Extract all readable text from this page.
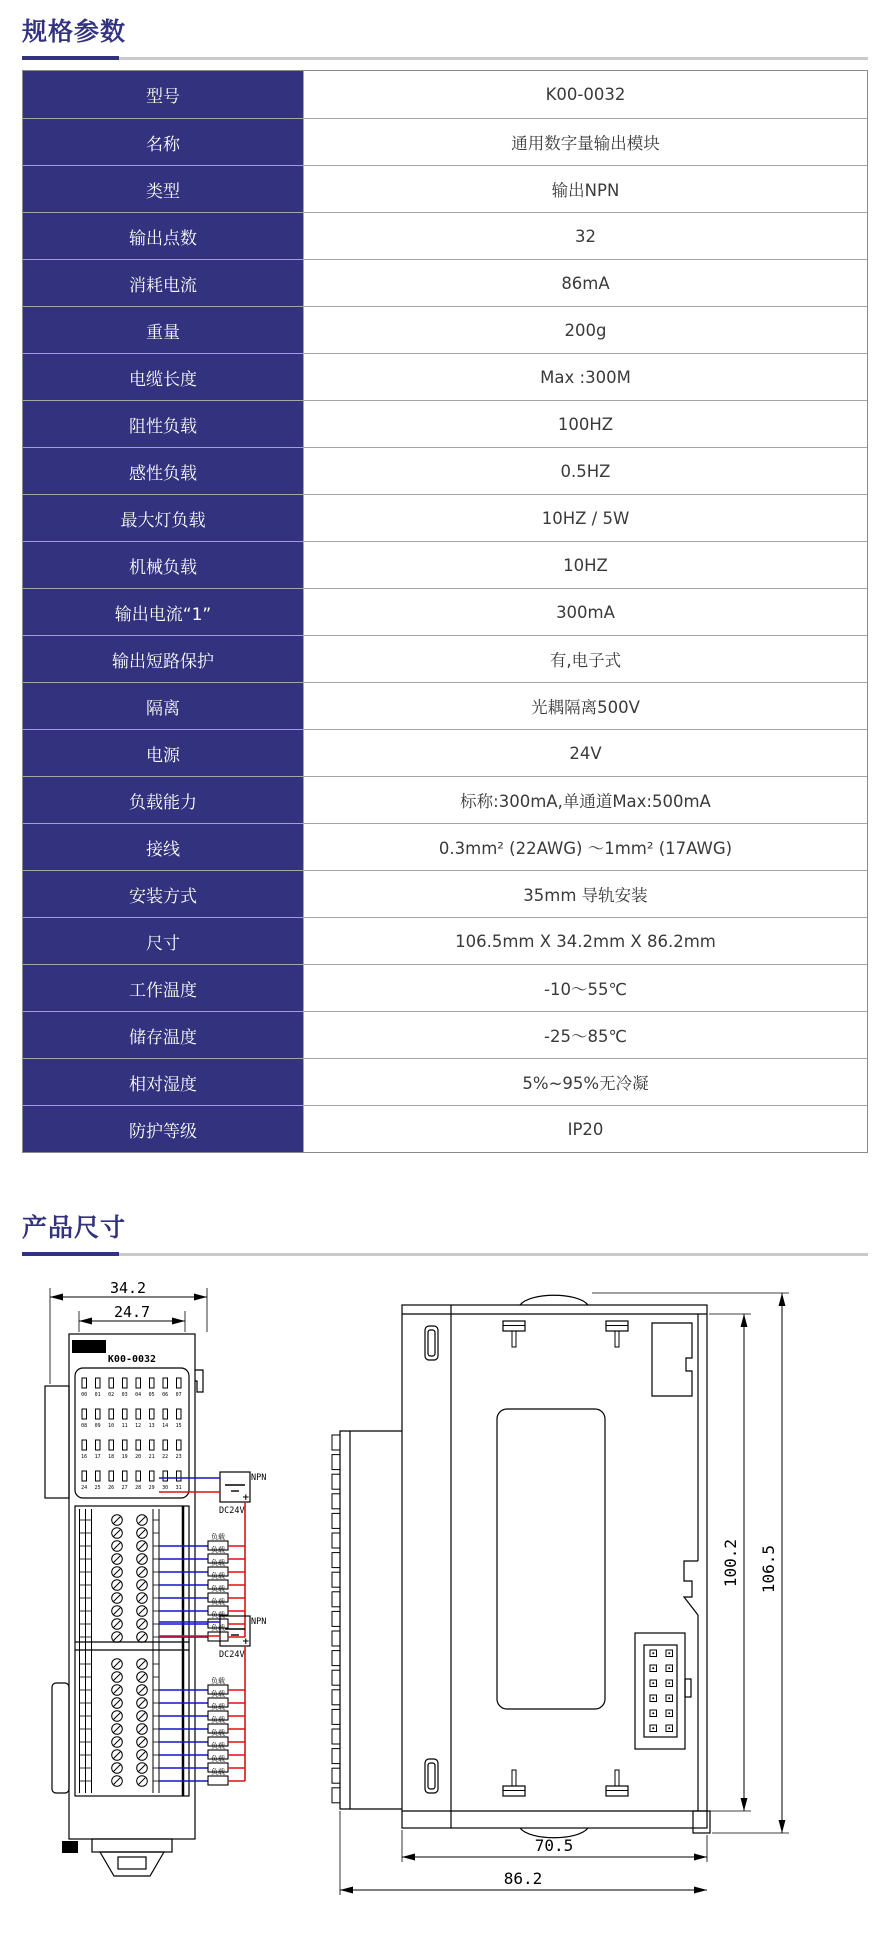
规格参数
型号	K00-0032
名称	通用数字量输出模块
类型	输出NPN
输出点数	32
消耗电流	86mA
重量	200g
电缆长度	Max :300M
阻性负载	100HZ
感性负载	0.5HZ
最大灯负载	10HZ / 5W
机械负载	10HZ
输出电流“1”	300mA
输出短路保护	有,电子式
隔离	光耦隔离500V
电源	24V
负载能力	标称:300mA,单通道Max:500mA
接线	0.3mm² (22AWG) ～1mm² (17AWG)
安装方式	35mm 导轨安装
尺寸	106.5mm X 34.2mm X 86.2mm
工作温度	-10～55℃
储存温度	-25～85℃
相对湿度	5%~95%无冷凝
防护等级	IP20
产品尺寸
K00-0032
34.2
24.7
00 01 02 03 04 05 06 07
08 09 10 11 12 13 14 15
16 17 18 19 20 21 22 23
24 25 26 27 28 29 30 31
+
NPN
DC24V
负载
负载
负载
负载
负载
负载
负载
负载
+
NPN
DC24V
负载
负载
负载
负载
负载
负载
负载
负载
100.2 106.5
70.5
86.2
